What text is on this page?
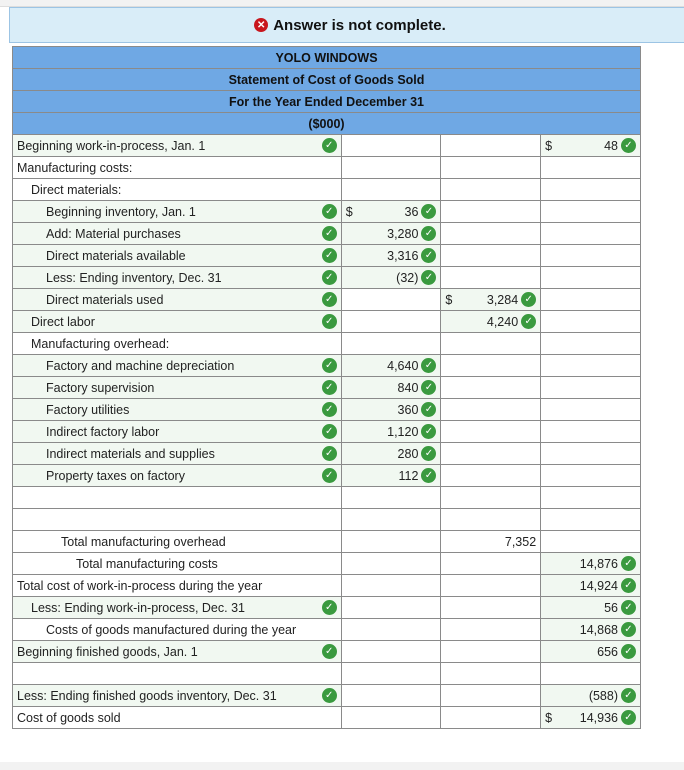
✕ Answer is not complete.
YOLO WINDOWS			
Statement of Cost of Goods Sold			
For the Year Ended December 31			
($000)			

Beginning work-in-process, Jan. 1 ✓			$ 48 ✓

Manufacturing costs:			

Direct materials:			

Beginning inventory, Jan. 1 ✓	$ 36 ✓		

Add: Material purchases ✓	3,280 ✓		

Direct materials available ✓	3,316 ✓		

Less: Ending inventory, Dec. 31 ✓	(32) ✓		

Direct materials used ✓		$ 3,284 ✓	

Direct labor ✓		4,240 ✓	

Manufacturing overhead:			

Factory and machine depreciation ✓	4,640 ✓		

Factory supervision ✓	840 ✓		

Factory utilities ✓	360 ✓		

Indirect factory labor ✓	1,120 ✓		

Indirect materials and supplies ✓	280 ✓		

Property taxes on factory ✓	112 ✓		

Total manufacturing overhead		7,352	

Total manufacturing costs			14,876 ✓

Total cost of work-in-process during the year			14,924 ✓

Less: Ending work-in-process, Dec. 31 ✓			56 ✓

Costs of goods manufactured during the year			14,868 ✓

Beginning finished goods, Jan. 1 ✓			656 ✓

Less: Ending finished goods inventory, Dec. 31 ✓			(588) ✓

Cost of goods sold			$ 14,936 ✓
